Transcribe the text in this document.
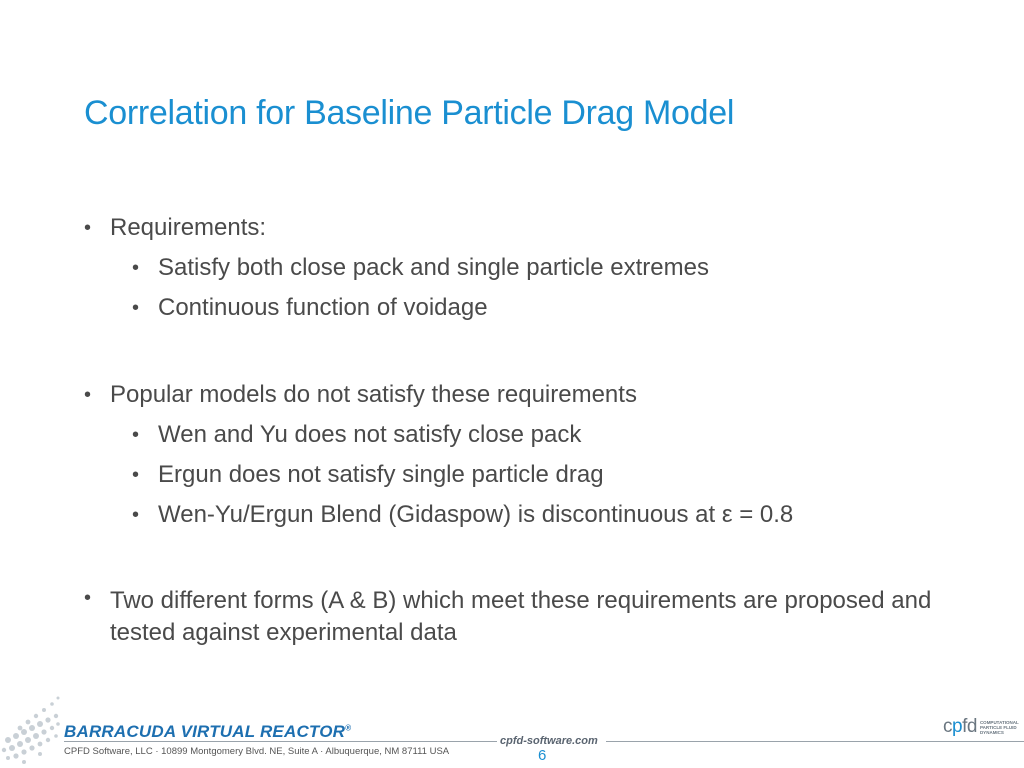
Correlation for Baseline Particle Drag Model
• Requirements:
• Satisfy both close pack and single particle extremes
• Continuous function of voidage
• Popular models do not satisfy these requirements
• Wen and Yu does not satisfy close pack
• Ergun does not satisfy single particle drag
• Wen-Yu/Ergun Blend (Gidaspow) is discontinuous at ε = 0.8
• Two different forms (A & B) which meet these requirements are proposed and tested against experimental data
BARRACUDA VIRTUAL REACTOR®
CPFD Software, LLC · 10899 Montgomery Blvd. NE, Suite A · Albuquerque, NM 87111 USA
cpfd-software.com
6
cpfd COMPUTATIONAL PARTICLE FLUID DYNAMICS
